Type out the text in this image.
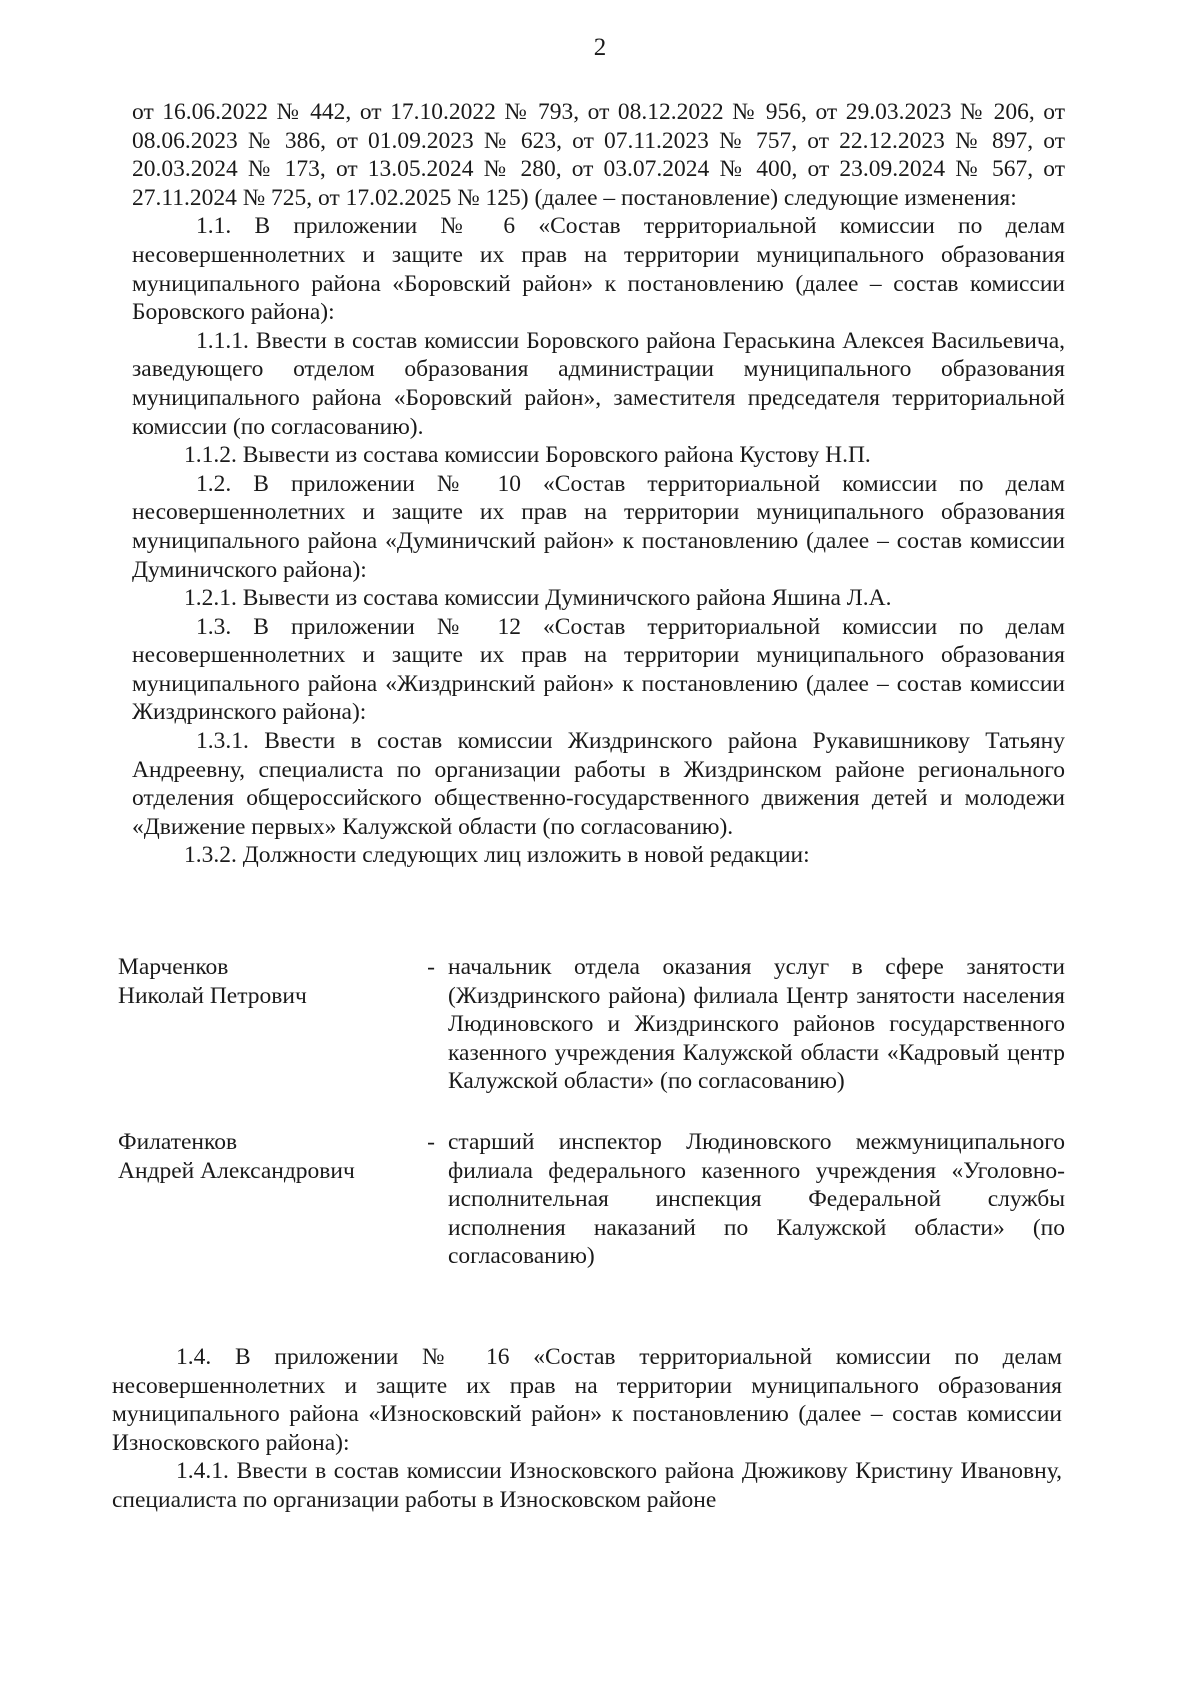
2

от 16.06.2022 № 442, от 17.10.2022 № 793, от 08.12.2022 № 956, от 29.03.2023 № 206, от 08.06.2023 № 386, от 01.09.2023 № 623, от 07.11.2023 № 757, от 22.12.2023 № 897, от 20.03.2024 № 173, от 13.05.2024 № 280, от 03.07.2024 № 400, от 23.09.2024 № 567, от 27.11.2024 № 725, от 17.02.2025 № 125) (далее – постановление) следующие изменения:

1.1. В приложении № 6 «Состав территориальной комиссии по делам несовершеннолетних и защите их прав на территории муниципального образования муниципального района «Боровский район» к постановлению (далее – состав комиссии Боровского района):

1.1.1. Ввести в состав комиссии Боровского района Гераськина Алексея Васильевича, заведующего отделом образования администрации муниципального образования муниципального района «Боровский район», заместителя председателя территориальной комиссии (по согласованию).

1.1.2. Вывести из состава комиссии Боровского района Кустову Н.П.

1.2. В приложении № 10 «Состав территориальной комиссии по делам несовершеннолетних и защите их прав на территории муниципального образования муниципального района «Думиничский район» к постановлению (далее – состав комиссии Думиничского района):

1.2.1. Вывести из состава комиссии Думиничского района Яшина Л.А.

1.3. В приложении № 12 «Состав территориальной комиссии по делам несовершеннолетних и защите их прав на территории муниципального образования муниципального района «Жиздринский район» к постановлению (далее – состав комиссии Жиздринского района):

1.3.1. Ввести в состав комиссии Жиздринского района Рукавишникову Татьяну Андреевну, специалиста по организации работы в Жиздринском районе регионального отделения общероссийского общественно-государственного движения детей и молодежи «Движение первых» Калужской области (по согласованию).

1.3.2. Должности следующих лиц изложить в новой редакции:

Марченков
Николай Петрович
- начальник отдела оказания услуг в сфере занятости (Жиздринского района) филиала Центр занятости населения Людиновского и Жиздринского районов государственного казенного учреждения Калужской области «Кадровый центр Калужской области» (по согласованию)
Филатенков
Андрей Александрович
- старший инспектор Людиновского межмуниципального филиала федерального казенного учреждения «Уголовно-исполнительная инспекция Федеральной службы исполнения наказаний по Калужской области» (по согласованию)

1.4. В приложении № 16 «Состав территориальной комиссии по делам несовершеннолетних и защите их прав на территории муниципального образования муниципального района «Износковский район» к постановлению (далее – состав комиссии Износковского района):

1.4.1. Ввести в состав комиссии Износковского района Дюжикову Кристину Ивановну, специалиста по организации работы в Износковском районе
